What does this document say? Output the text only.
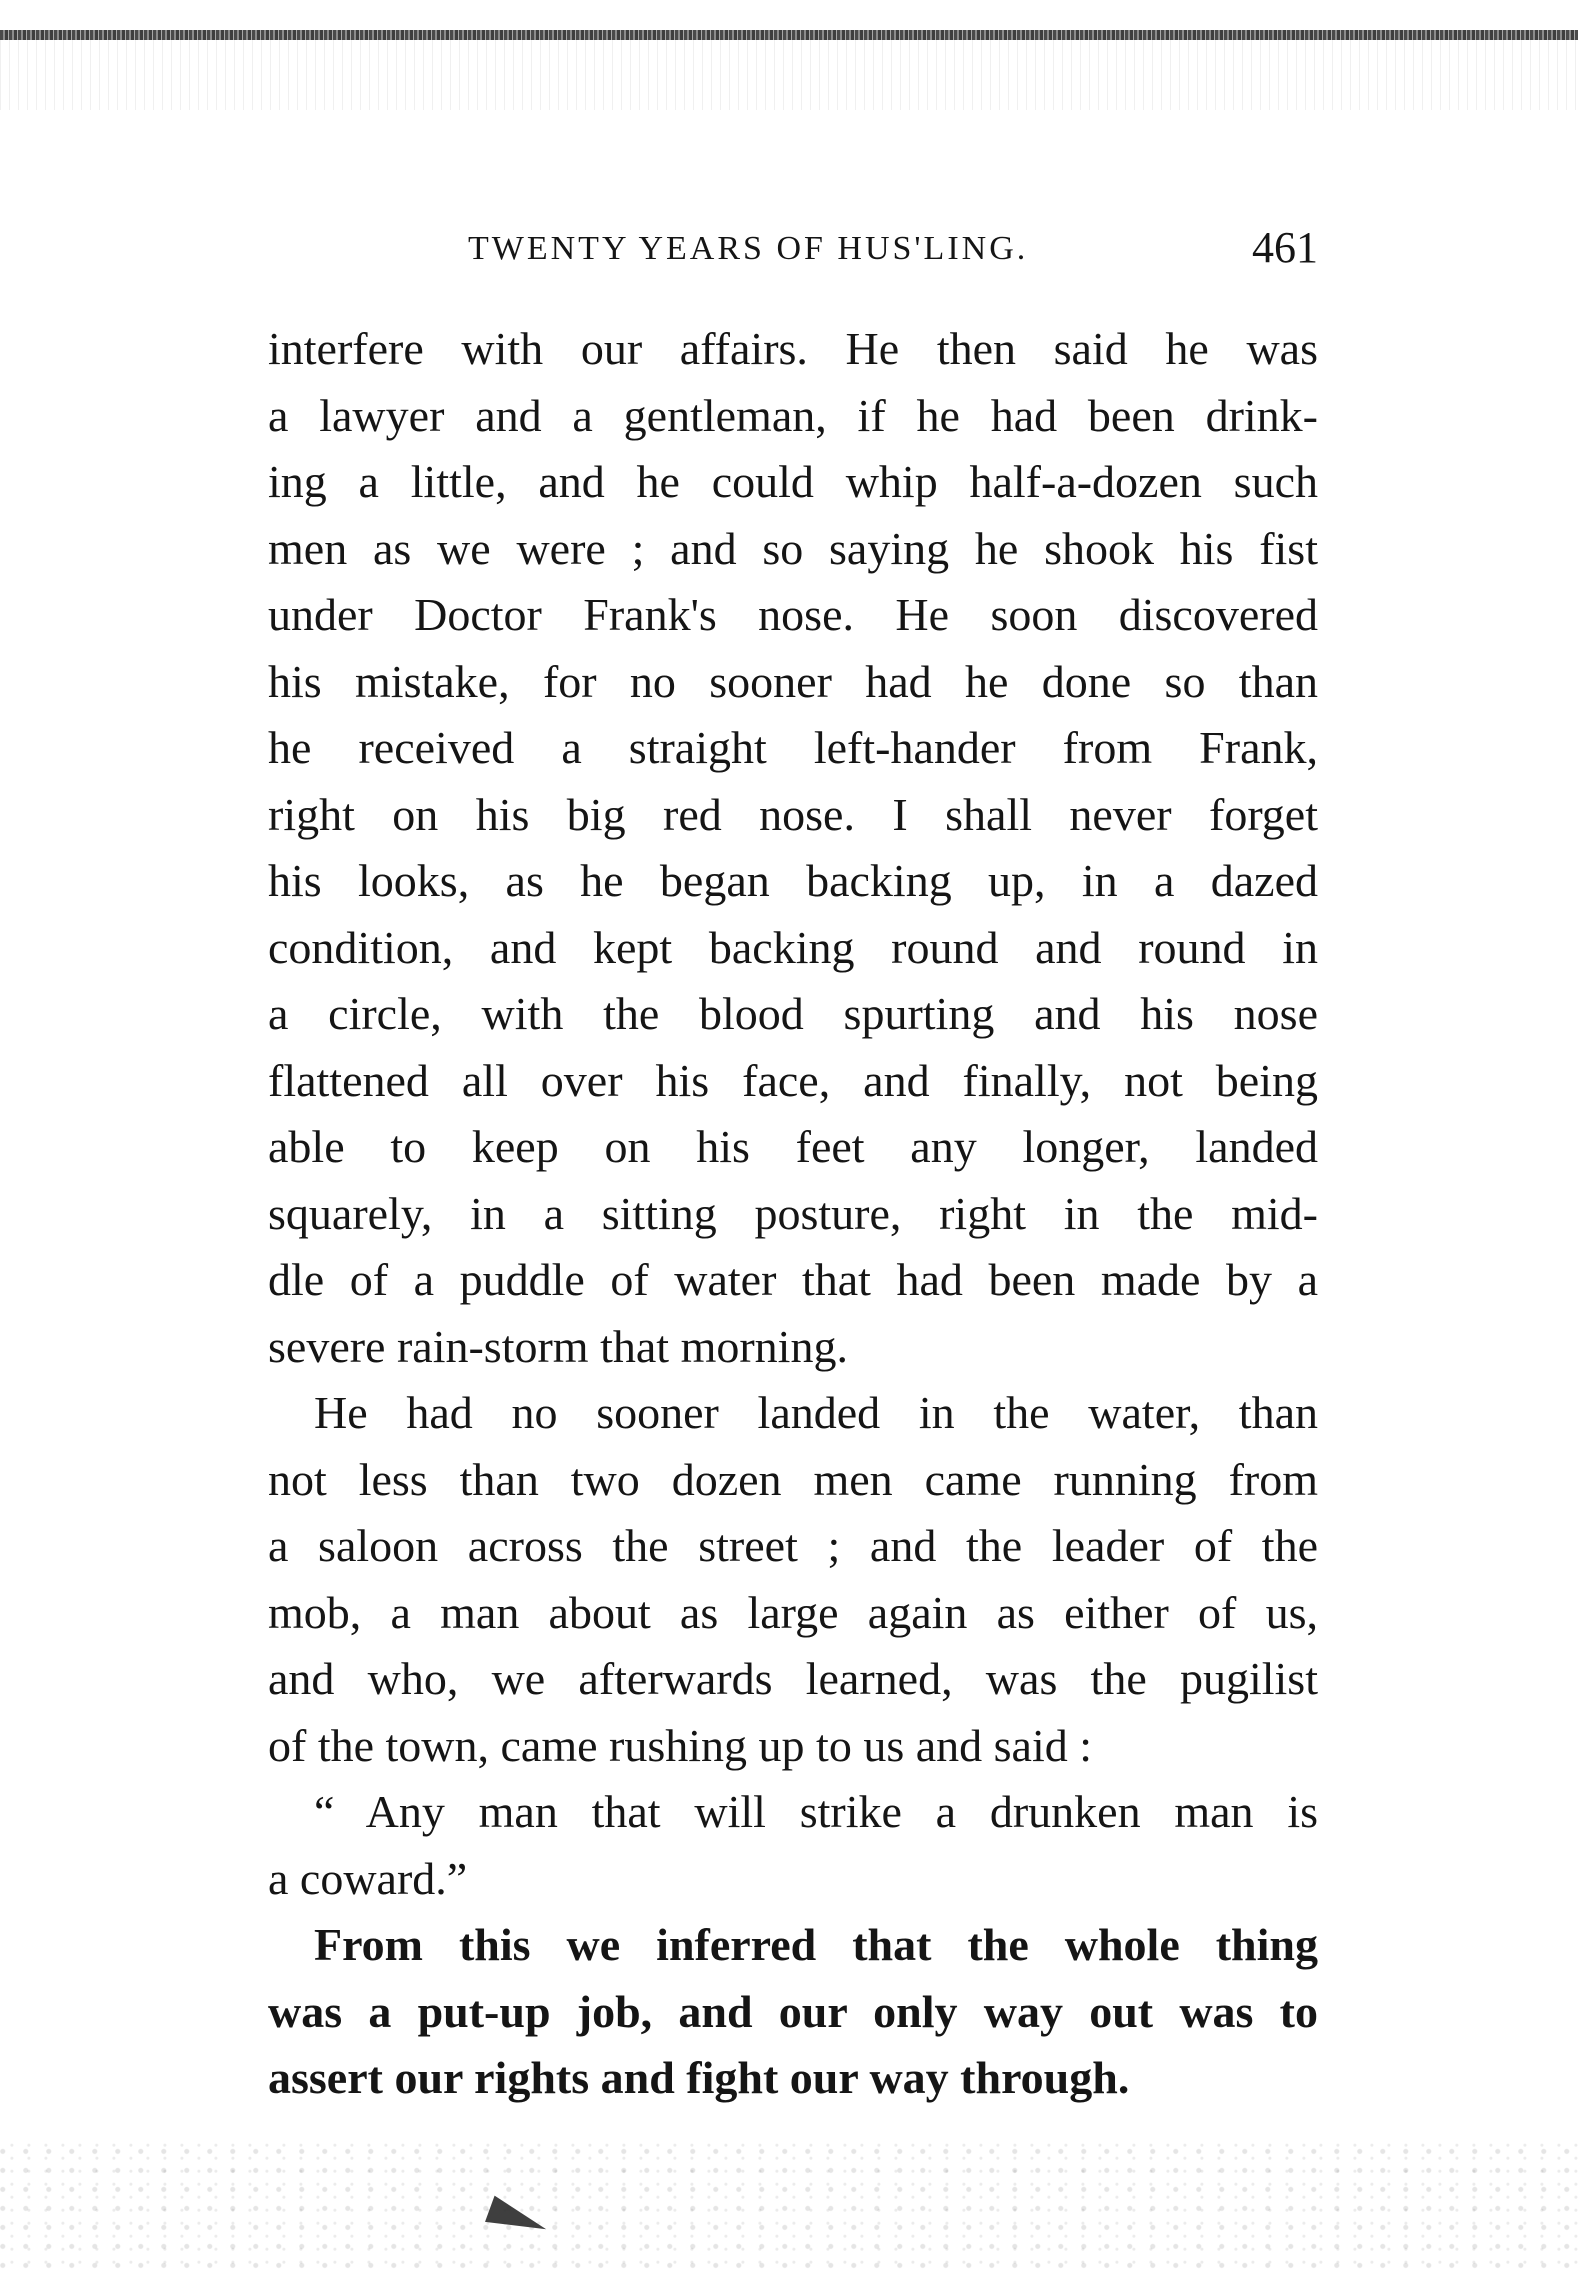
TWENTY YEARS OF HUS'LING.	461

interfere with our affairs. He then said he was
a lawyer and a gentleman, if he had been drink-
ing a little, and he could whip half-a-dozen such
men as we were ; and so saying he shook his fist
under Doctor Frank's nose. He soon discovered
his mistake, for no sooner had he done so than
he received a straight left-hander from Frank,
right on his big red nose. I shall never forget
his looks, as he began backing up, in a dazed
condition, and kept backing round and round in
a circle, with the blood spurting and his nose
flattened all over his face, and finally, not being
able to keep on his feet any longer, landed
squarely, in a sitting posture, right in the mid-
dle of a puddle of water that had been made by a
severe rain-storm that morning.

He had no sooner landed in the water, than
not less than two dozen men came running from
a saloon across the street ; and the leader of the
mob, a man about as large again as either of us,
and who, we afterwards learned, was the pugilist
of the town, came rushing up to us and said :

“ Any man that will strike a drunken man is
a coward.”

From this we inferred that the whole thing
was a put-up job, and our only way out was to
assert our rights and fight our way through.
